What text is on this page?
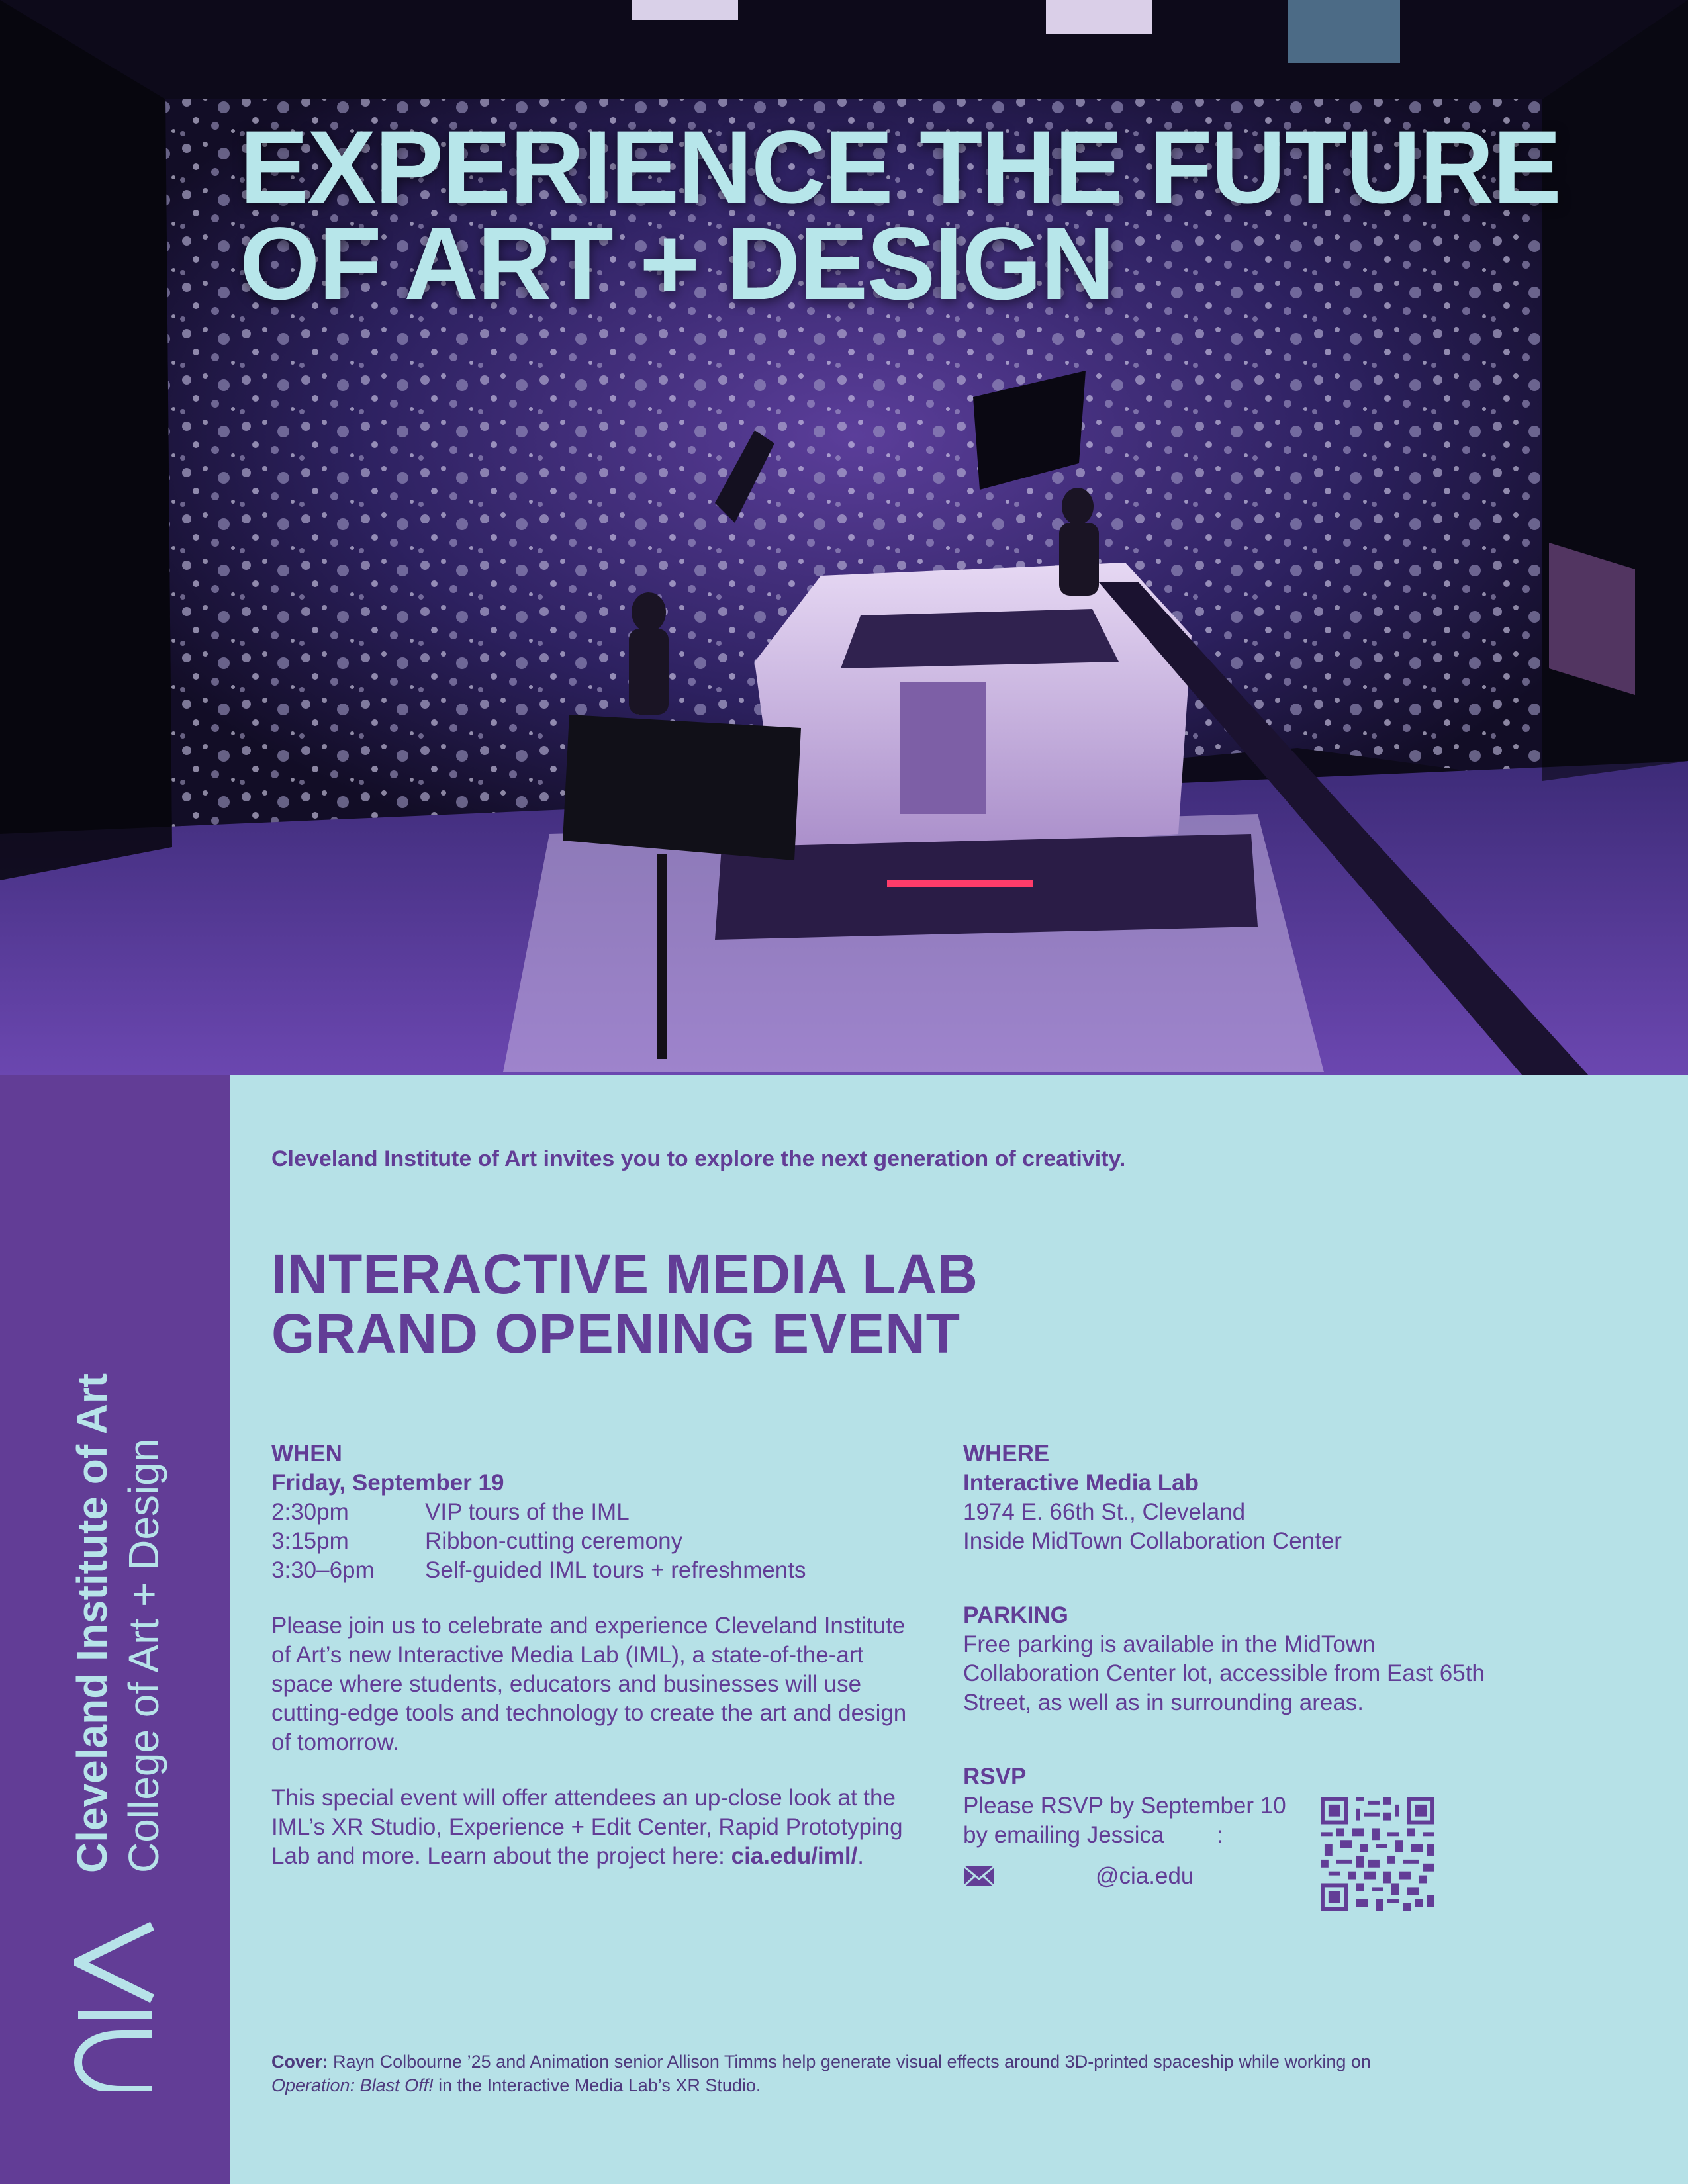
EXPERIENCE THE FUTURE
OF ART + DESIGN
Cleveland Institute of Art College of Art + Design
Cleveland Institute of Art invites you to explore the next generation of creativity.
INTERACTIVE MEDIA LAB
GRAND OPENING EVENT
WHEN
Friday, September 19
2:30pm	VIP tours of the IML
3:15pm	Ribbon-cutting ceremony
3:30–6pm	Self-guided IML tours + refreshments

Please join us to celebrate and experience Cleveland Institute of Art’s new Interactive Media Lab (IML), a state-of-the-art space where students, educators and businesses will use cutting-edge tools and technology to create the art and design of tomorrow.

This special event will offer attendees an up-close look at the IML’s XR Studio, Experience + Edit Center, Rapid Prototyping Lab and more. Learn about the project here: cia.edu/iml/.

WHERE
Interactive Media Lab
1974 E. 66th St., Cleveland
Inside MidTown Collaboration Center
PARKING
Free parking is available in the MidTown Collaboration Center lot, accessible from East 65th Street, as well as in surrounding areas.
RSVP
Please RSVP by September 10
by emailing Jessica :
@cia.edu
Cover: Rayn Colbourne ’25 and Animation senior Allison Timms help generate visual effects around 3D-printed spaceship while working on Operation: Blast Off! in the Interactive Media Lab’s XR Studio.
